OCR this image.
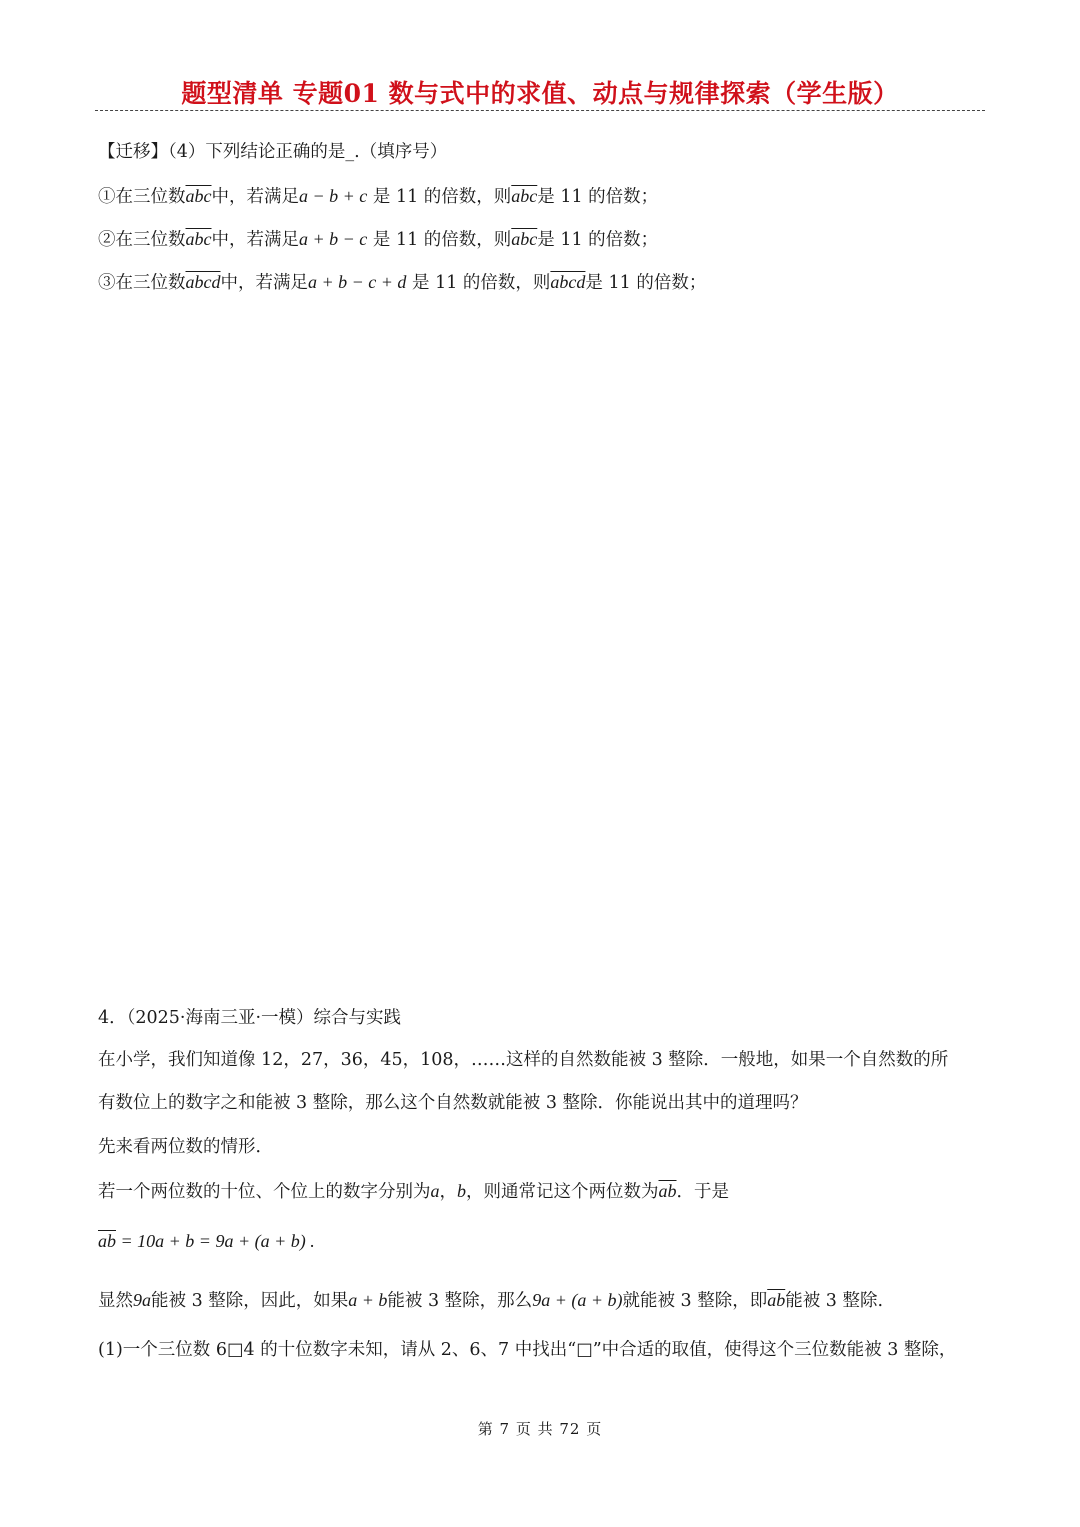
题型清单 专题01 数与式中的求值、动点与规律探索（学生版）
【迁移】（4）下列结论正确的是_.（填序号）
①在三位数$\overline{abc}$中，若满足a − b + c 是 11 的倍数，则$\overline{abc}$是 11 的倍数；
②在三位数$\overline{abc}$中，若满足a + b − c 是 11 的倍数，则$\overline{abc}$是 11 的倍数；
③在三位数abcd中，若满足a + b − c + d 是 11 的倍数，则abcd是 11 的倍数；
4．（2025·海南三亚·一模）综合与实践
在小学，我们知道像 12，27，36，45，108，……这样的自然数能被 3 整除．一般地，如果一个自然数的所
有数位上的数字之和能被 3 整除，那么这个自然数就能被 3 整除．你能说出其中的道理吗？
先来看两位数的情形．
若一个两位数的十位、个位上的数字分别为a，b，则通常记这个两位数为$\overline{ab}$．于是
$\overline{ab} = 10a + b = 9a + (a + b)$ .
显然9a能被 3 整除，因此，如果a + b能被 3 整除，那么9a + (a + b)就能被 3 整除，即$\overline{ab}$能被 3 整除.
(1)一个三位数 6□4 的十位数字未知，请从 2、6、7 中找出“□”中合适的取值，使得这个三位数能被 3 整除，
第 7 页 共 72 页
